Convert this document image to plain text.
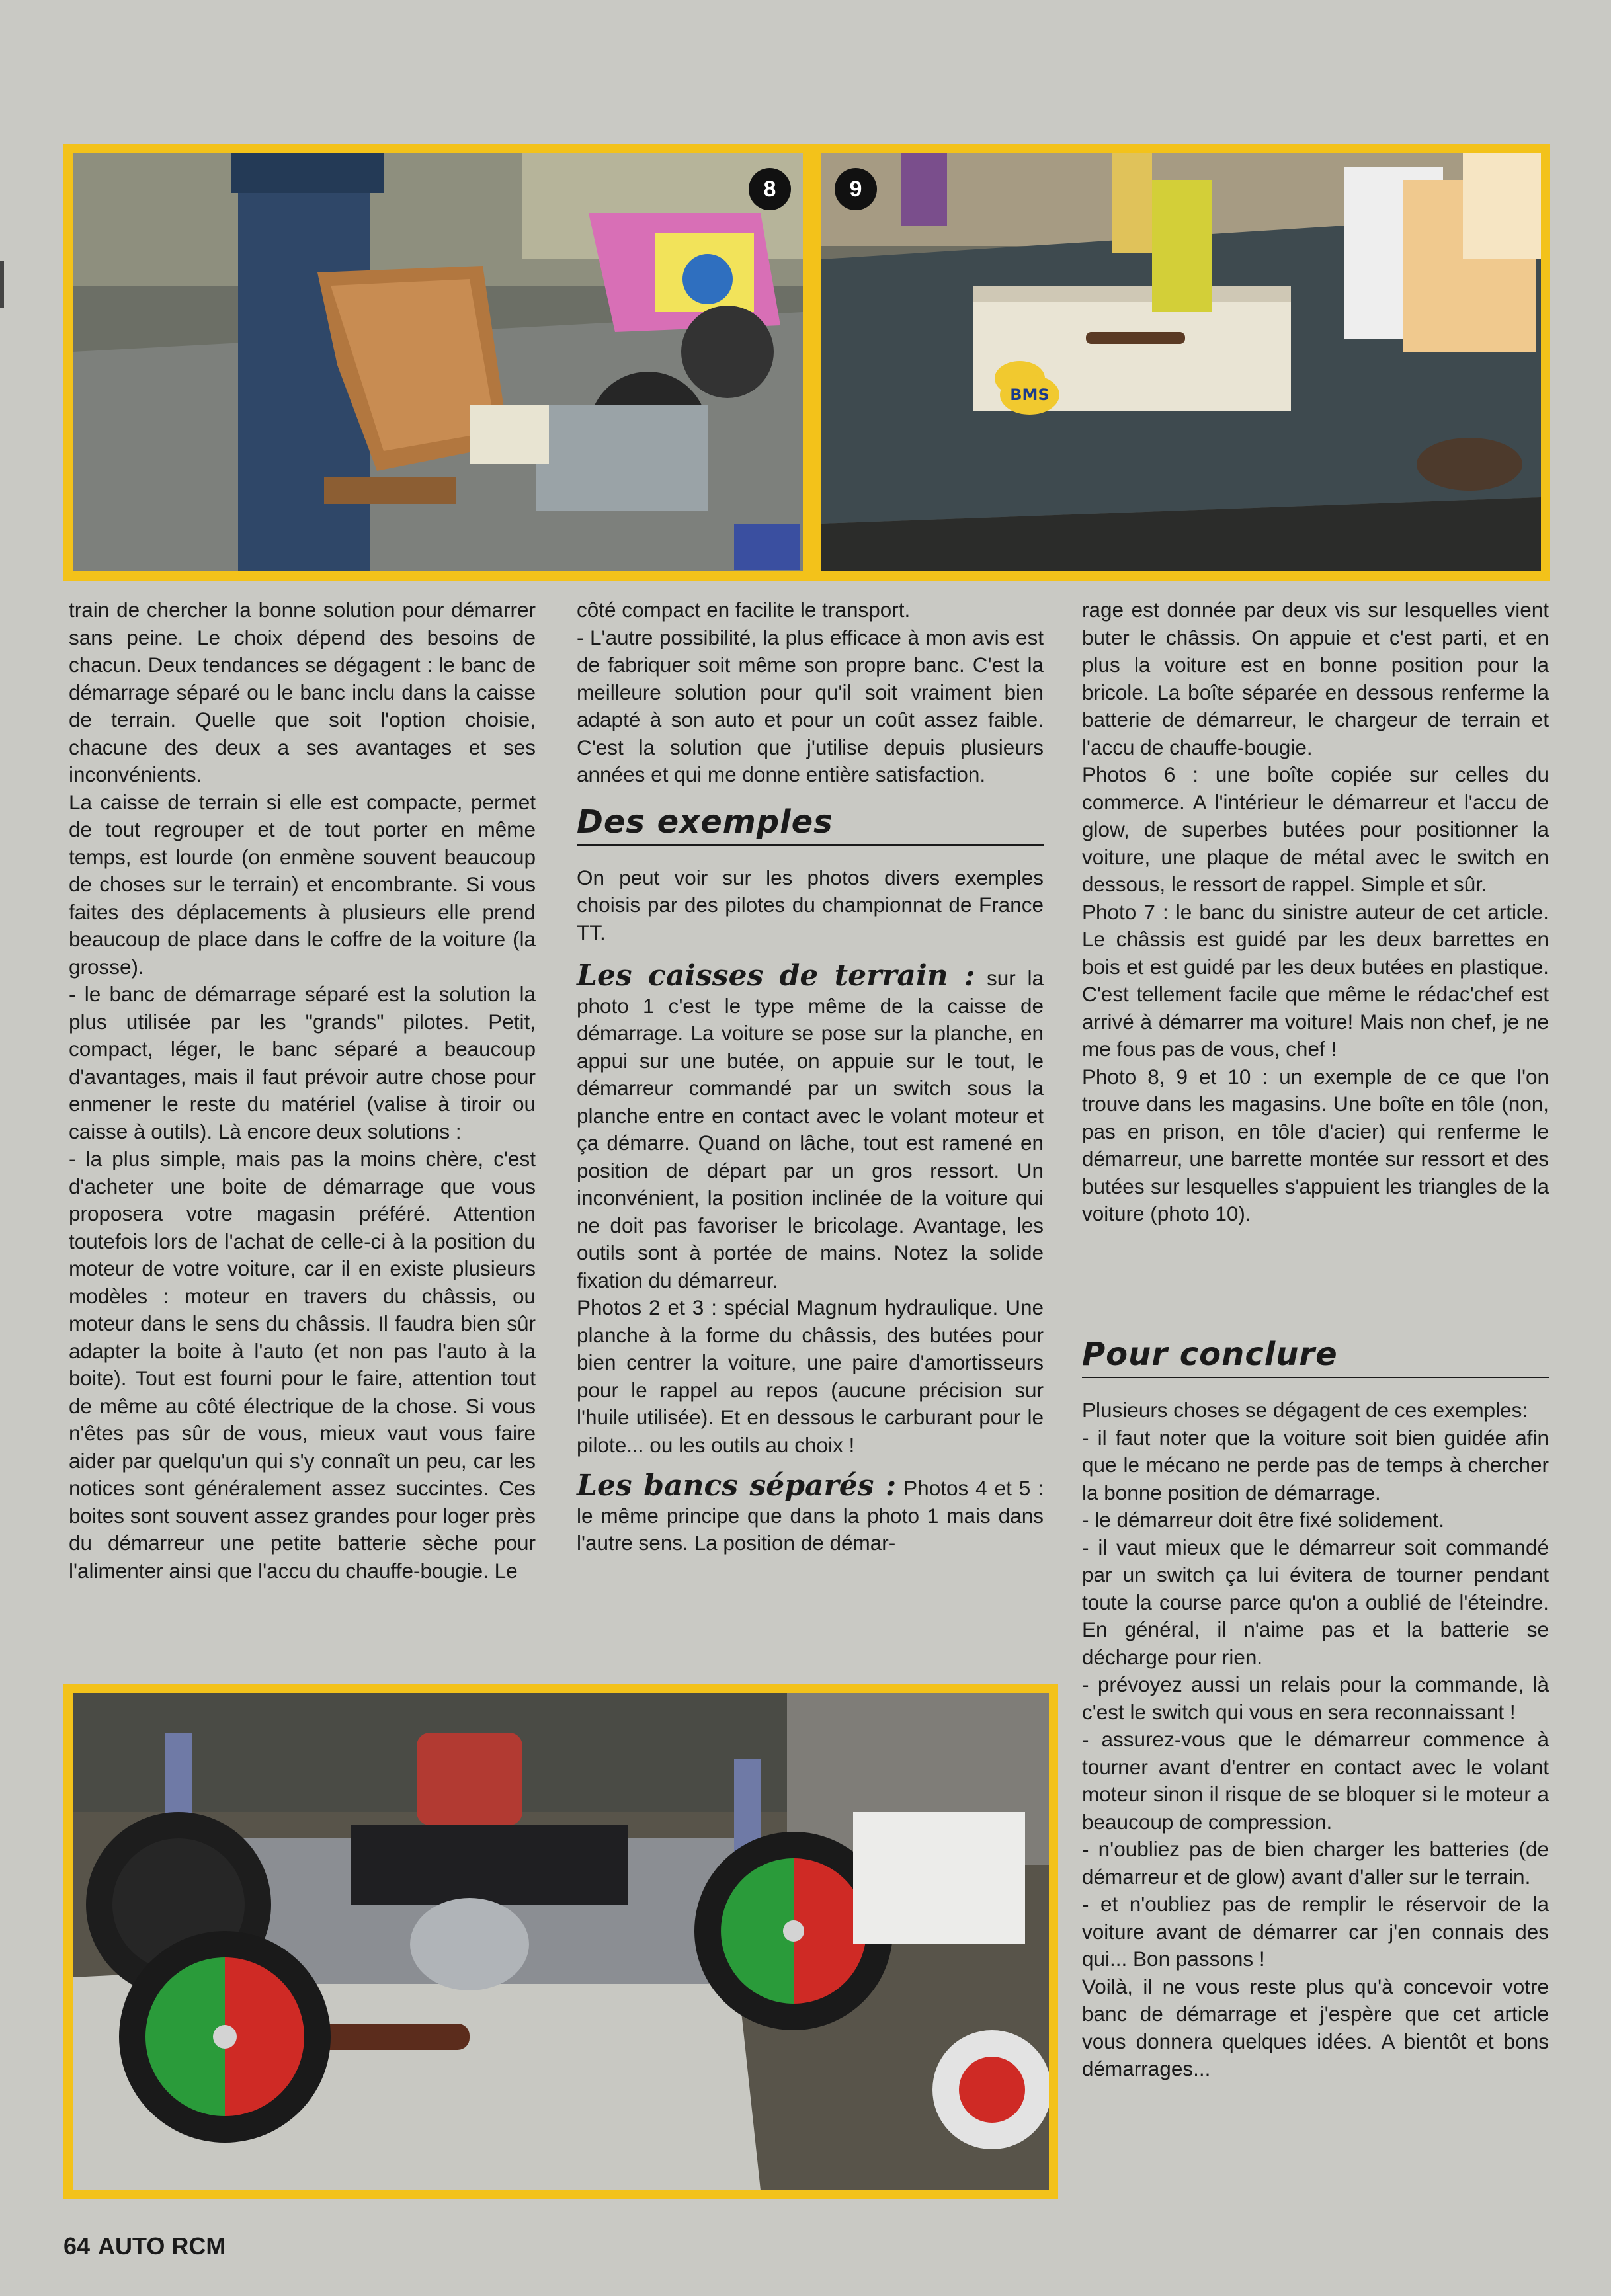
8	9
BMS

train de chercher la bonne solution pour démarrer sans peine. Le choix dépend des besoins de chacun. Deux tendances se dégagent : le banc de démarrage séparé ou le banc inclu dans la caisse de terrain. Quelle que soit l'option choisie, chacune des deux a ses avantages et ses inconvénients.

La caisse de terrain si elle est compacte, permet de tout regrouper et de tout porter en même temps, est lourde (on enmène souvent beaucoup de choses sur le terrain) et encombrante. Si vous faites des déplacements à plusieurs elle prend beaucoup de place dans le coffre de la voiture (la grosse).

- le banc de démarrage séparé est la solution la plus utilisée par les "grands" pilotes. Petit, compact, léger, le banc séparé a beaucoup d'avantages, mais il faut prévoir autre chose pour enmener le reste du matériel (valise à tiroir ou caisse à outils). Là encore deux solutions :

- la plus simple, mais pas la moins chère, c'est d'acheter une boite de démarrage que vous proposera votre magasin préféré. Attention toutefois lors de l'achat de celle-ci à la position du moteur de votre voiture, car il en existe plusieurs modèles : moteur en travers du châssis, ou moteur dans le sens du châssis. Il faudra bien sûr adapter la boite à l'auto (et non pas l'auto à la boite). Tout est fourni pour le faire, attention tout de même au côté électrique de la chose. Si vous n'êtes pas sûr de vous, mieux vaut vous faire aider par quelqu'un qui s'y connaît un peu, car les notices sont généralement assez succintes. Ces boites sont souvent assez grandes pour loger près du démarreur une petite batterie sèche pour l'alimenter ainsi que l'accu du chauffe-bougie. Le

côté compact en facilite le transport.

- L'autre possibilité, la plus efficace à mon avis est de fabriquer soit même son propre banc. C'est la meilleure solution pour qu'il soit vraiment bien adapté à son auto et pour un coût assez faible. C'est la solution que j'utilise depuis plusieurs années et qui me donne entière satisfaction.

Des exemples

On peut voir sur les photos divers exemples choisis par des pilotes du championnat de France TT.

Les caisses de terrain : sur la photo 1 c'est le type même de la caisse de démarrage. La voiture se pose sur la planche, en appui sur une butée, on appuie sur le tout, le démarreur commandé par un switch sous la planche entre en contact avec le volant moteur et ça démarre. Quand on lâche, tout est ramené en position de départ par un gros ressort. Un inconvénient, la position inclinée de la voiture qui ne doit pas favoriser le bricolage. Avantage, les outils sont à portée de mains. Notez la solide fixation du démarreur.

Photos 2 et 3 : spécial Magnum hydraulique. Une planche à la forme du châssis, des butées pour bien centrer la voiture, une paire d'amortisseurs pour le rappel au repos (aucune précision sur l'huile utilisée). Et en dessous le carburant pour le pilote... ou les outils au choix !

Les bancs séparés : Photos 4 et 5 : le même principe que dans la photo 1 mais dans l'autre sens. La position de démar-

rage est donnée par deux vis sur lesquelles vient buter le châssis. On appuie et c'est parti, et en plus la voiture est en bonne position pour la bricole. La boîte séparée en dessous renferme la batterie de démarreur, le chargeur de terrain et l'accu de chauffe-bougie.

Photos 6 : une boîte copiée sur celles du commerce. A l'intérieur le démarreur et l'accu de glow, de superbes butées pour positionner la voiture, une plaque de métal avec le switch en dessous, le ressort de rappel. Simple et sûr.

Photo 7 : le banc du sinistre auteur de cet article. Le châssis est guidé par les deux barrettes en bois et est guidé par les deux butées en plastique. C'est tellement facile que même le rédac'chef est arrivé à démarrer ma voiture! Mais non chef, je ne me fous pas de vous, chef !

Photo 8, 9 et 10 : un exemple de ce que l'on trouve dans les magasins. Une boîte en tôle (non, pas en prison, en tôle d'acier) qui renferme le démarreur, une barrette montée sur ressort et des butées sur lesquelles s'appuient les triangles de la voiture (photo 10).

Pour conclure

Plusieurs choses se dégagent de ces exemples:

- il faut noter que la voiture soit bien guidée afin que le mécano ne perde pas de temps à chercher la bonne position de démarrage.

- le démarreur doit être fixé solidement.

- il vaut mieux que le démarreur soit commandé par un switch ça lui évitera de tourner pendant toute la course parce qu'on a oublié de l'éteindre. En général, il n'aime pas et la batterie se décharge pour rien.

- prévoyez aussi un relais pour la commande, là c'est le switch qui vous en sera reconnaissant !

- assurez-vous que le démarreur commence à tourner avant d'entrer en contact avec le volant moteur sinon il risque de se bloquer si le moteur a beaucoup de compression.

- n'oubliez pas de bien charger les batteries (de démarreur et de glow) avant d'aller sur le terrain.

- et n'oubliez pas de remplir le réservoir de la voiture avant de démarrer car j'en connais des qui... Bon passons !

Voilà, il ne vous reste plus qu'à concevoir votre banc de démarrage et j'espère que cet article vous donnera quelques idées. A bientôt et bons démarrages...

64 AUTO RCM
